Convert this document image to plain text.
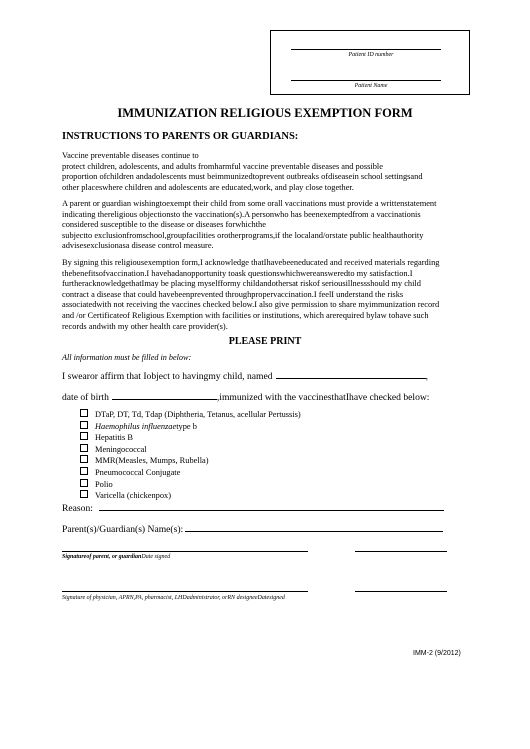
Patient ID number
Patient Name
IMMUNIZATION RELIGIOUS EXEMPTION FORM
INSTRUCTIONS TO PARENTS OR GUARDIANS:
Vaccine preventable diseases continue to
protect children, adolescents, and adults fromharmful vaccine preventable diseases and possible
proportion ofchildren andadolescents must beimmunizedtoprevent outbreaks ofdiseasein school settingsand
other placeswhere children and adolescents are educated,work, and play close together.
A parent or guardian wishingtoexempt their child from some orall vaccinations must provide a writtenstatement
indicating thereligious objectionsto the vaccination(s).A personwho has beenexemptedfrom a vaccinationis
considered susceptible to the disease or diseases forwhichthe
subjectto exclusionfromschool,groupfacilities orotherprograms,if the localand/orstate public healthauthority
advisesexclusionasa disease control measure.
By signing this religiousexemption form,I acknowledge thatIhavebeeneducated and received materials regarding
thebenefitsofvaccination.I havehadanopportunity toask questionswhichwereansweredto my satisfaction.I
furtheracknowledgethatImay be placing myselfformy childandothersat riskof seriousillnessshould my child
contract a disease that could havebeenprevented throughpropervaccination.I feelI understand the risks
associatedwith not receiving the vaccines checked below.I also give permission to share myimmunization record
and /or Certificateof Religious Exemption with facilities or institutions, which arerequired bylaw tohave such
records andwith my other health care provider(s).
PLEASE PRINT
All information must be filled in below:
I swearor affirm that Iobject to havingmy child, named	,
date of birth	,immunized with the vaccinesthatIhave checked below:
DTaP, DT, Td, Tdap (Diphtheria, Tetanus, acellular Pertussis)
Haemophilus influenzaetype b
Hepatitis B
Meningococcal
MMR(Measles, Mumps, Rubella)
Pneumococcal Conjugate
Polio
Varicella (chickenpox)
Reason:
Parent(s)/Guardian(s) Name(s):
Signatureof parent, or guardianDate signed
Signature of physician, APRN,PA, pharmacist, LHDadministrator, orRN designeeDatesigned
IMM-2 (9/2012)
